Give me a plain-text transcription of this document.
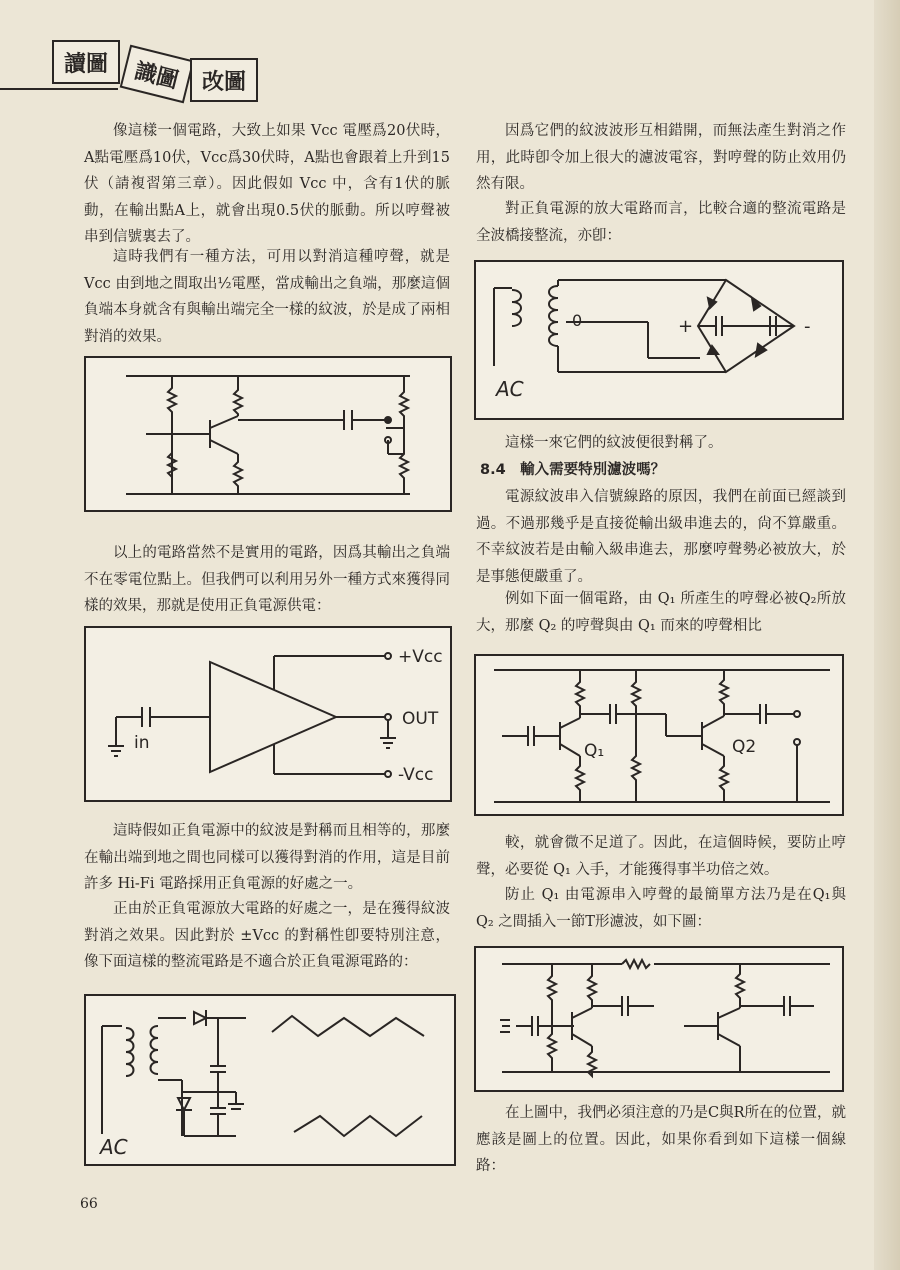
讀圖	識圖 改圖

像這樣一個電路，大致上如果 Vcc 電壓爲20伏時，A點電壓爲10伏，Vcc爲30伏時，A點也會跟着上升到15伏（請複習第三章）。因此假如 Vcc 中，含有1伏的脈動，在輸出點A上，就會出現0.5伏的脈動。所以哼聲被串到信號裏去了。

這時我們有一種方法，可用以對消這種哼聲，就是 Vcc 由到地之間取出½電壓，當成輸出之負端，那麼這個負端本身就含有與輸出端完全一樣的紋波，於是成了兩相對消的效果。

以上的電路當然不是實用的電路，因爲其輸出之負端不在零電位點上。但我們可以利用另外一種方式來獲得同樣的效果，那就是使用正負電源供電：

+Vcc
-Vcc
OUT
in

這時假如正負電源中的紋波是對稱而且相等的，那麼在輸出端到地之間也同樣可以獲得對消的作用，這是目前許多 Hi-Fi 電路採用正負電源的好處之一。

正由於正負電源放大電路的好處之一，是在獲得紋波對消之效果。因此對於 ±Vcc 的對稱性卽要特別注意，像下面這樣的整流電路是不適合於正負電源電路的：

AC
66

因爲它們的紋波波形互相錯開，而無法產生對消之作用，此時卽令加上很大的濾波電容，對哼聲的防止效用仍然有限。

對正負電源的放大電路而言，比較合適的整流電路是全波橋接整流，亦卽：

AC
0	+	-

這樣一來它們的紋波便很對稱了。

8.4　輸入需要特別濾波嗎？

電源紋波串入信號線路的原因，我們在前面已經談到過。不過那幾乎是直接從輸出級串進去的，尙不算嚴重。不幸紋波若是由輸入級串進去，那麼哼聲勢必被放大，於是事態便嚴重了。

例如下面一個電路，由 Q₁ 所產生的哼聲必被Q₂所放大，那麼 Q₂ 的哼聲與由 Q₁ 而來的哼聲相比

Q₁	Q2

較，就會微不足道了。因此，在這個時候，要防止哼聲，必要從 Q₁ 入手，才能獲得事半功倍之效。

防止 Q₁ 由電源串入哼聲的最簡單方法乃是在Q₁與 Q₂ 之間插入一節T形濾波，如下圖：

在上圖中，我們必須注意的乃是C與R所在的位置，就應該是圖上的位置。因此，如果你看到如下這樣一個線路：
